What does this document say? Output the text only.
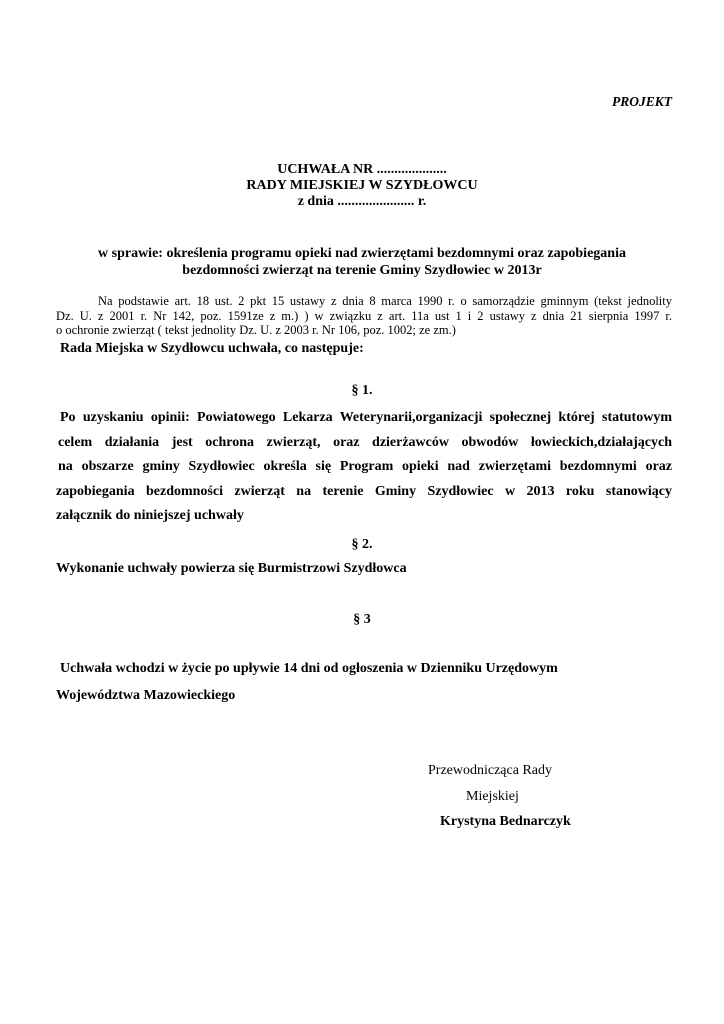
PROJEKT

UCHWAŁA NR ....................

RADY MIEJSKIEJ W SZYDŁOWCU

z dnia ...................... r.

w sprawie: określenia programu opieki nad zwierzętami bezdomnymi oraz zapobiegania

bezdomności zwierząt na terenie Gminy Szydłowiec w 2013r

Na podstawie art. 18 ust. 2 pkt 15 ustawy z dnia 8 marca 1990 r. o samorządzie gminnym (tekst jednolity
Dz. U. z 2001 r. Nr 142, poz. 1591ze z m.) ) w związku z art. 11a ust 1 i 2 ustawy z dnia 21 sierpnia 1997 r.
o ochronie zwierząt ( tekst jednolity Dz. U. z 2003 r. Nr 106, poz. 1002; ze zm.)

Rada Miejska w Szydłowcu uchwała, co następuje:

§ 1.

Po uzyskaniu opinii: Powiatowego Lekarza Weterynarii,organizacji społecznej której statutowym
celem działania jest ochrona zwierząt, oraz dzierżawców obwodów łowieckich,działających
na obszarze gminy Szydłowiec określa się Program opieki nad zwierzętami bezdomnymi oraz
zapobiegania bezdomności zwierząt na terenie Gminy Szydłowiec w 2013 roku stanowiący
załącznik do niniejszej uchwały

§ 2.

Wykonanie uchwały powierza się Burmistrzowi Szydłowca

§ 3

Uchwała wchodzi w życie po upływie 14 dni od ogłoszenia w Dzienniku Urzędowym

Województwa Mazowieckiego

Przewodnicząca Rady

Miejskiej

Krystyna Bednarczyk
